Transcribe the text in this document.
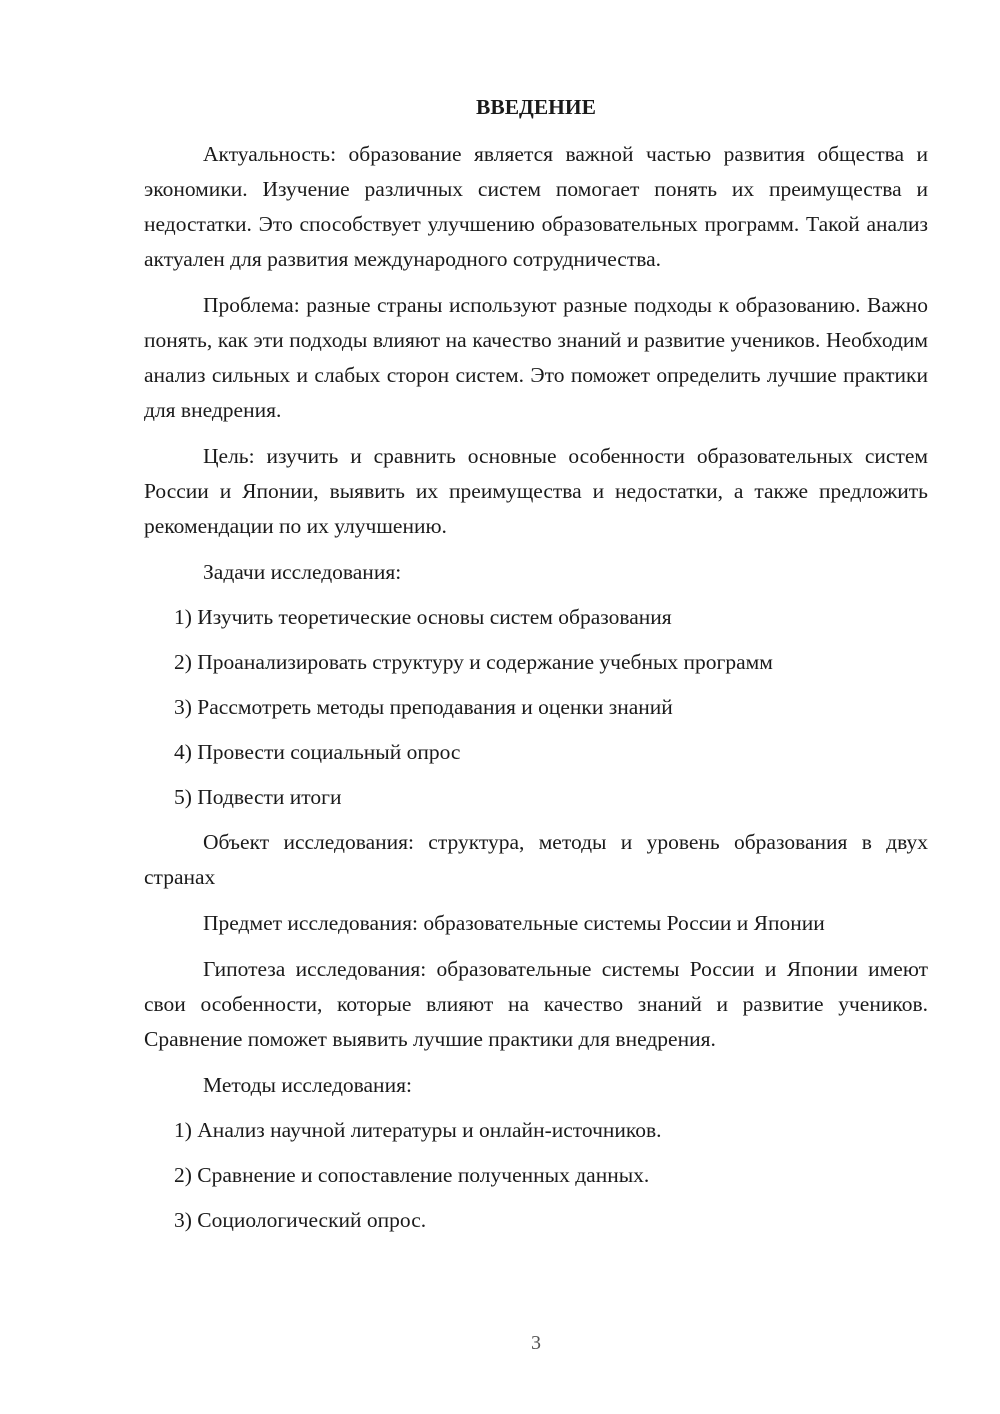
ВВЕДЕНИЕ

Актуальность: образование является важной частью развития общества и экономики. Изучение различных систем помогает понять их преимущества и недостатки. Это способствует улучшению образовательных программ. Такой анализ актуален для развития международного сотрудничества.

Проблема: разные страны используют разные подходы к образованию. Важно понять, как эти подходы влияют на качество знаний и развитие учеников. Необходим анализ сильных и слабых сторон систем. Это поможет определить лучшие практики для внедрения.

Цель: изучить и сравнить основные особенности образовательных систем России и Японии, выявить их преимущества и недостатки, а также предложить рекомендации по их улучшению.

Задачи исследования:
1) Изучить теоретические основы систем образования
2) Проанализировать структуру и содержание учебных программ
3) Рассмотреть методы преподавания и оценки знаний
4) Провести социальный опрос
5) Подвести итоги

Объект исследования: структура, методы и уровень образования в двух странах

Предмет исследования: образовательные системы России и Японии

Гипотеза исследования: образовательные системы России и Японии имеют свои особенности, которые влияют на качество знаний и развитие учеников. Сравнение поможет выявить лучшие практики для внедрения.

Методы исследования:
1) Анализ научной литературы и онлайн-источников.
2) Сравнение и сопоставление полученных данных.
3) Социологический опрос.
3
